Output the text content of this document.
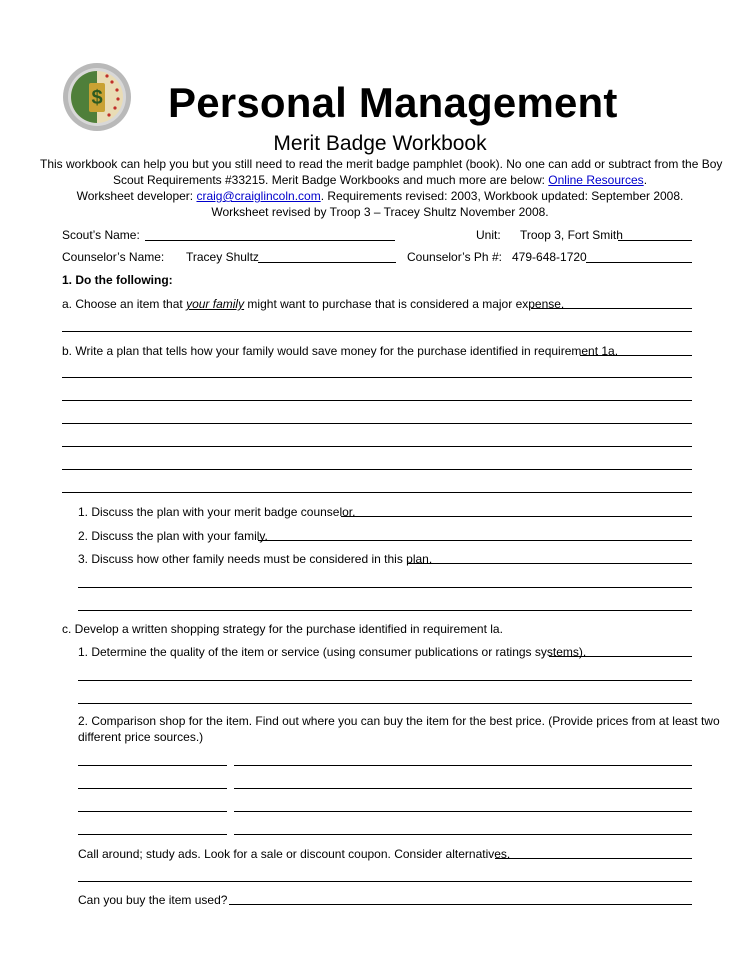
$ Personal Management
Merit Badge Workbook
This workbook can help you but you still need to read the merit badge pamphlet (book). No one can add or subtract from the Boy
Scout Requirements #33215. Merit Badge Workbooks and much more are below: Online Resources.
Worksheet developer: craig@craiglincoln.com. Requirements revised: 2003, Workbook updated: September 2008.
Worksheet revised by Troop 3 – Tracey Shultz November 2008.
Scout’s Name:	Unit: Troop 3, Fort Smith
Counselor’s Name: Tracey Shultz	Counselor’s Ph #: 479-648-1720
1. Do the following:
a. Choose an item that your family might want to purchase that is considered a major expense.
b. Write a plan that tells how your family would save money for the purchase identified in requirement 1a.
1. Discuss the plan with your merit badge counselor.
2. Discuss the plan with your family.
3. Discuss how other family needs must be considered in this plan.
c. Develop a written shopping strategy for the purchase identified in requirement la.
1. Determine the quality of the item or service (using consumer publications or ratings systems).
2. Comparison shop for the item. Find out where you can buy the item for the best price. (Provide prices from at least two
different price sources.)
Call around; study ads. Look for a sale or discount coupon. Consider alternatives.
Can you buy the item used?
